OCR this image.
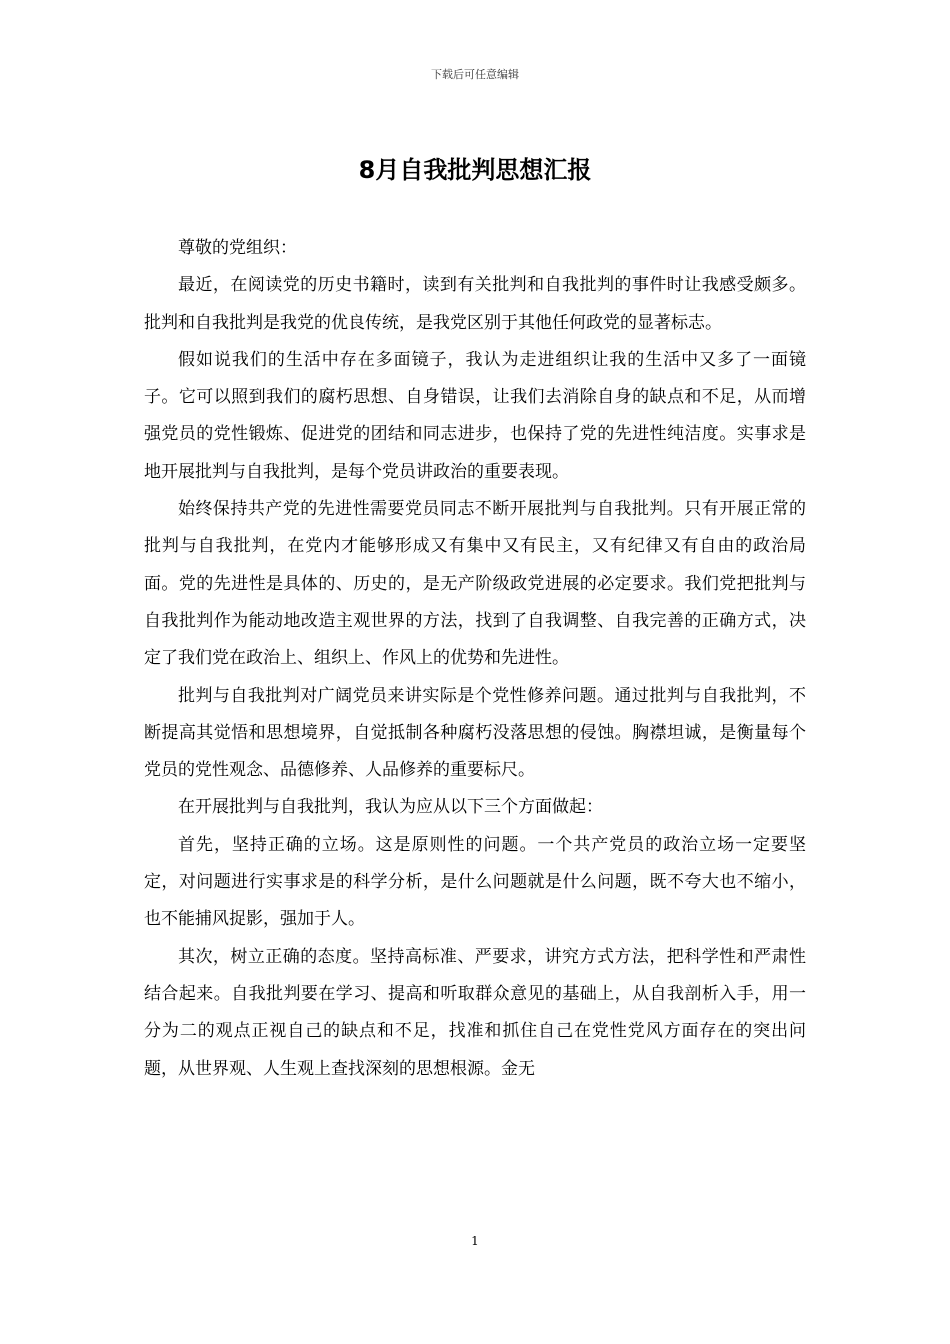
下载后可任意编辑
8月自我批判思想汇报

尊敬的党组织：

最近，在阅读党的历史书籍时，读到有关批判和自我批判的事件时让我感受颇多。批判和自我批判是我党的优良传统，是我党区别于其他任何政党的显著标志。

假如说我们的生活中存在多面镜子，我认为走进组织让我的生活中又多了一面镜子。它可以照到我们的腐朽思想、自身错误，让我们去消除自身的缺点和不足，从而增强党员的党性锻炼、促进党的团结和同志进步，也保持了党的先进性纯洁度。实事求是地开展批判与自我批判，是每个党员讲政治的重要表现。

始终保持共产党的先进性需要党员同志不断开展批判与自我批判。只有开展正常的批判与自我批判，在党内才能够形成又有集中又有民主，又有纪律又有自由的政治局面。党的先进性是具体的、历史的，是无产阶级政党进展的必定要求。我们党把批判与自我批判作为能动地改造主观世界的方法，找到了自我调整、自我完善的正确方式，决定了我们党在政治上、组织上、作风上的优势和先进性。

批判与自我批判对广阔党员来讲实际是个党性修养问题。通过批判与自我批判，不断提高其觉悟和思想境界，自觉抵制各种腐朽没落思想的侵蚀。胸襟坦诚，是衡量每个党员的党性观念、品德修养、人品修养的重要标尺。

在开展批判与自我批判，我认为应从以下三个方面做起：

首先，坚持正确的立场。这是原则性的问题。一个共产党员的政治立场一定要坚定，对问题进行实事求是的科学分析，是什么问题就是什么问题，既不夸大也不缩小，也不能捕风捉影，强加于人。

其次，树立正确的态度。坚持高标准、严要求，讲究方式方法，把科学性和严肃性结合起来。自我批判要在学习、提高和听取群众意见的基础上，从自我剖析入手，用一分为二的观点正视自己的缺点和不足，找准和抓住自己在党性党风方面存在的突出问题，从世界观、人生观上查找深刻的思想根源。金无

1
